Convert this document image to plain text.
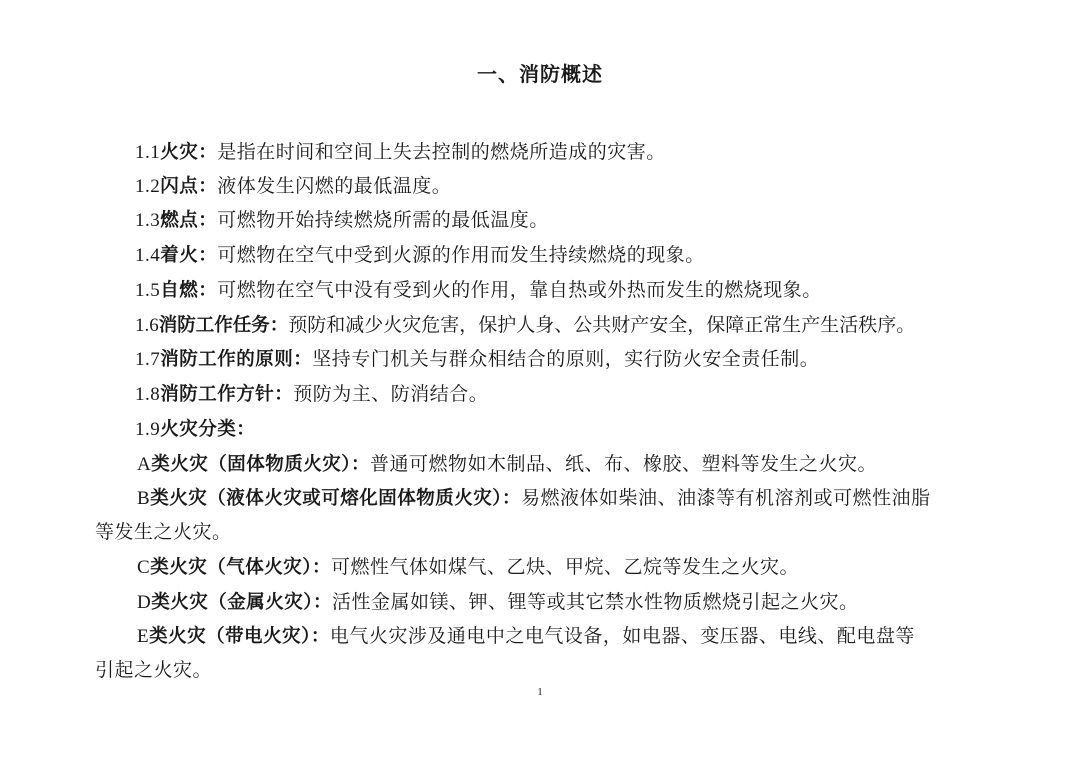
一、消防概述
1.1火灾：是指在时间和空间上失去控制的燃烧所造成的灾害。
1.2闪点：液体发生闪燃的最低温度。
1.3燃点：可燃物开始持续燃烧所需的最低温度。
1.4着火：可燃物在空气中受到火源的作用而发生持续燃烧的现象。
1.5自燃：可燃物在空气中没有受到火的作用，靠自热或外热而发生的燃烧现象。
1.6消防工作任务：预防和减少火灾危害，保护人身、公共财产安全，保障正常生产生活秩序。
1.7消防工作的原则：坚持专门机关与群众相结合的原则，实行防火安全责任制。
1.8消防工作方针：预防为主、防消结合。
1.9火灾分类：
A类火灾（固体物质火灾）：普通可燃物如木制品、纸、布、橡胶、塑料等发生之火灾。
B类火灾（液体火灾或可熔化固体物质火灾）：易燃液体如柴油、油漆等有机溶剂或可燃性油脂
等发生之火灾。
C类火灾（气体火灾）：可燃性气体如煤气、乙炔、甲烷、乙烷等发生之火灾。
D类火灾（金属火灾）：活性金属如镁、钾、锂等或其它禁水性物质燃烧引起之火灾。
E类火灾（带电火灾）：电气火灾涉及通电中之电气设备，如电器、变压器、电线、配电盘等
引起之火灾。
1
